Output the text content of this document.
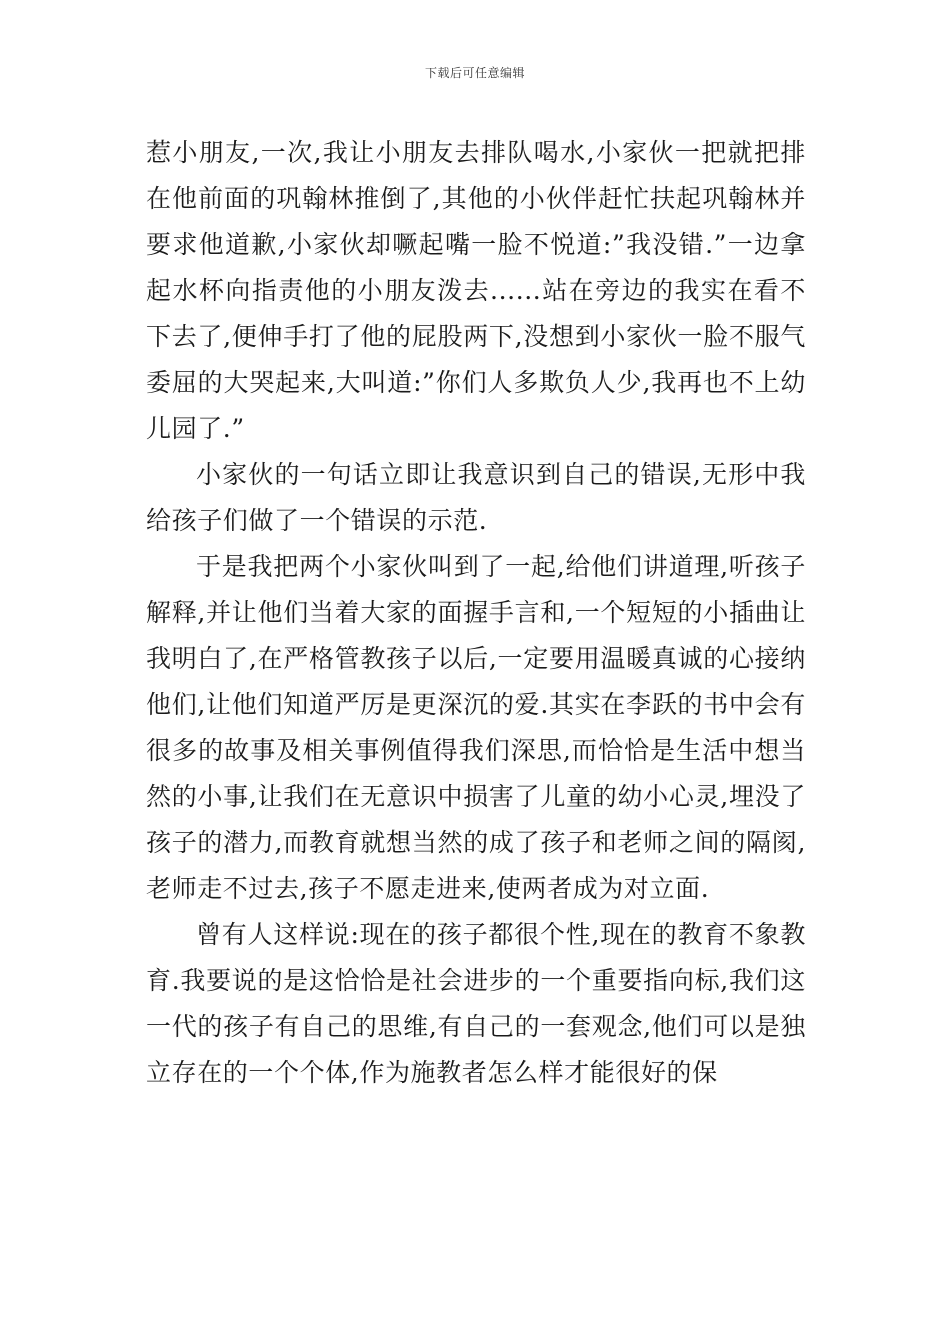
下载后可任意编辑

惹小朋友,一次,我让小朋友去排队喝水,小家伙一把就把排在他前面的巩翰林推倒了,其他的小伙伴赶忙扶起巩翰林并要求他道歉,小家伙却噘起嘴一脸不悦道:”我没错.”一边拿起水杯向指责他的小朋友泼去......站在旁边的我实在看不下去了,便伸手打了他的屁股两下,没想到小家伙一脸不服气委屈的大哭起来,大叫道:”你们人多欺负人少,我再也不上幼儿园了.”

小家伙的一句话立即让我意识到自己的错误,无形中我给孩子们做了一个错误的示范.

于是我把两个小家伙叫到了一起,给他们讲道理,听孩子解释,并让他们当着大家的面握手言和,一个短短的小插曲让我明白了,在严格管教孩子以后,一定要用温暖真诚的心接纳他们,让他们知道严厉是更深沉的爱.其实在李跃的书中会有很多的故事及相关事例值得我们深思,而恰恰是生活中想当然的小事,让我们在无意识中损害了儿童的幼小心灵,埋没了孩子的潜力,而教育就想当然的成了孩子和老师之间的隔阂,老师走不过去,孩子不愿走进来,使两者成为对立面.

曾有人这样说:现在的孩子都很个性,现在的教育不象教育.我要说的是这恰恰是社会进步的一个重要指向标,我们这一代的孩子有自己的思维,有自己的一套观念,他们可以是独立存在的一个个体,作为施教者怎么样才能很好的保
